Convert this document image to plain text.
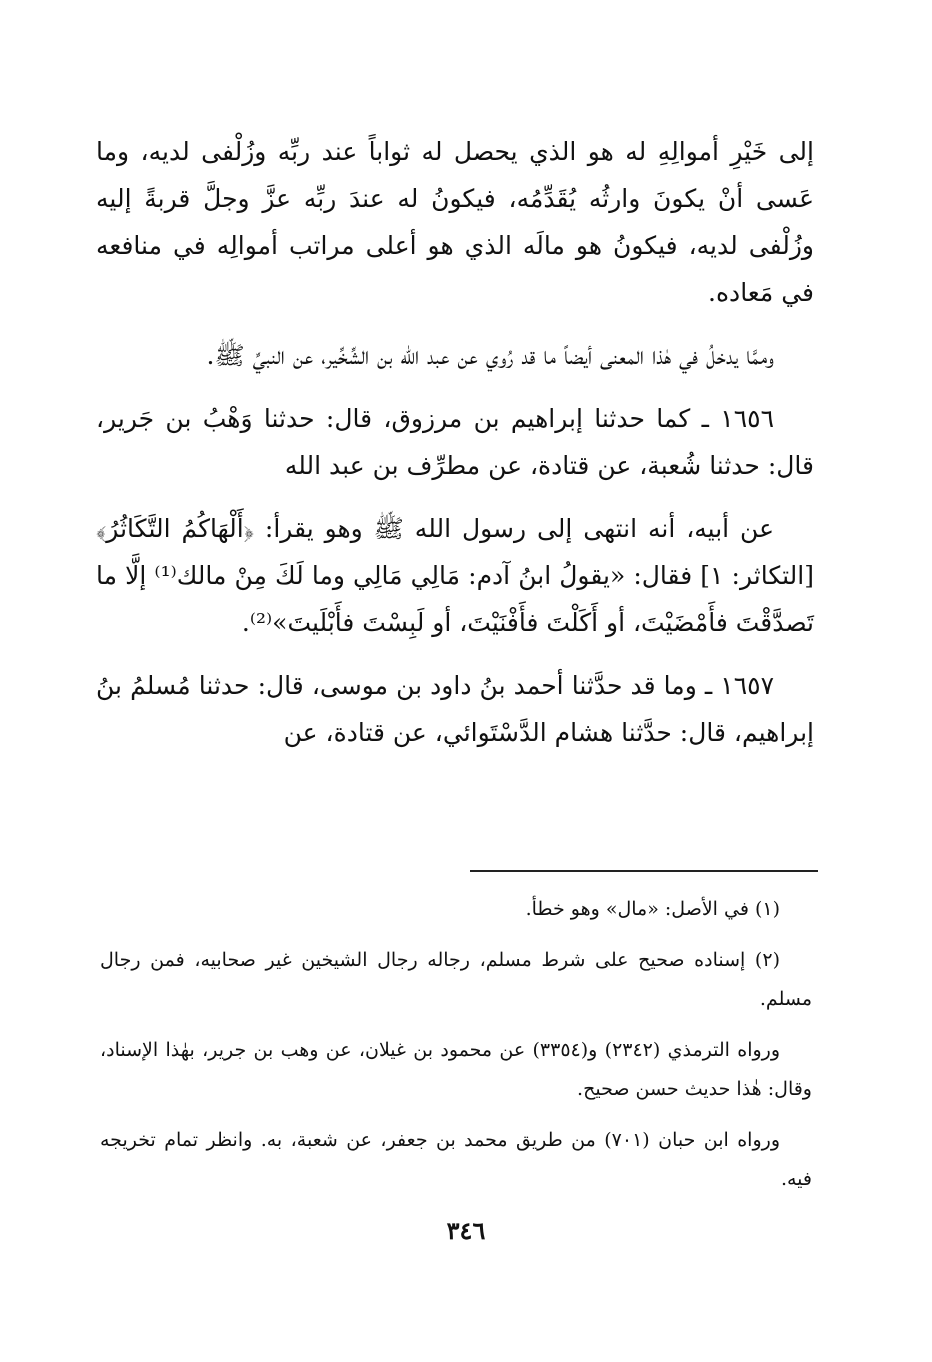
إلى خَيْرِ أموالِهِ له هو الذي يحصل له ثواباً عند ربِّه وزُلْفى لديه، وما عَسى أنْ يكونَ وارثُه يُقَدِّمُه، فيكونُ له عندَ ربِّه عزَّ وجلَّ قربةً إليه وزُلْفى لديه، فيكونُ هو مالَه الذي هو أعلى مراتب أموالِه في منافعه في مَعاده.

وممَّا يدخلُ في هٰذا المعنى أيضاً ما قد رُوي عن عبد الله بن الشِّخِّير، عن النبيِّ ﷺ.

١٦٥٦ ـ كما حدثنا إبراهيم بن مرزوق، قال: حدثنا وَهْبُ بن جَرير، قال: حدثنا شُعبة، عن قتادة، عن مطرِّف بن عبد الله

عن أبيه، أنه انتهى إلى رسول الله ﷺ وهو يقرأ: ﴿أَلْهَاكُمُ التَّكَاثُرُ﴾ [التكاثر: ١] فقال: «يقولُ ابنُ آدم: مَالِي مَالِي وما لَكَ مِنْ مالك⁽¹⁾ إلَّا ما تَصدَّقْتَ فأَمْضَيْتَ، أو أَكَلْتَ فأَفْنَيْتَ، أو لَبِسْتَ فأَبْلَيتَ»⁽²⁾.

١٦٥٧ ـ وما قد حدَّثنا أحمد بنُ داود بن موسى، قال: حدثنا مُسلمُ بنُ إبراهيم، قال: حدَّثنا هشام الدَّسْتَوائي، عن قتادة، عن

(١) في الأصل: «مال» وهو خطأ.

(٢) إسناده صحيح على شرط مسلم، رجاله رجال الشيخين غير صحابيه، فمن رجال مسلم.

ورواه الترمذي (٢٣٤٢) و(٣٣٥٤) عن محمود بن غيلان، عن وهب بن جرير، بهٰذا الإسناد، وقال: هٰذا حديث حسن صحيح.

ورواه ابن حبان (٧٠١) من طريق محمد بن جعفر، عن شعبة، به. وانظر تمام تخريجه فيه.

٣٤٦
